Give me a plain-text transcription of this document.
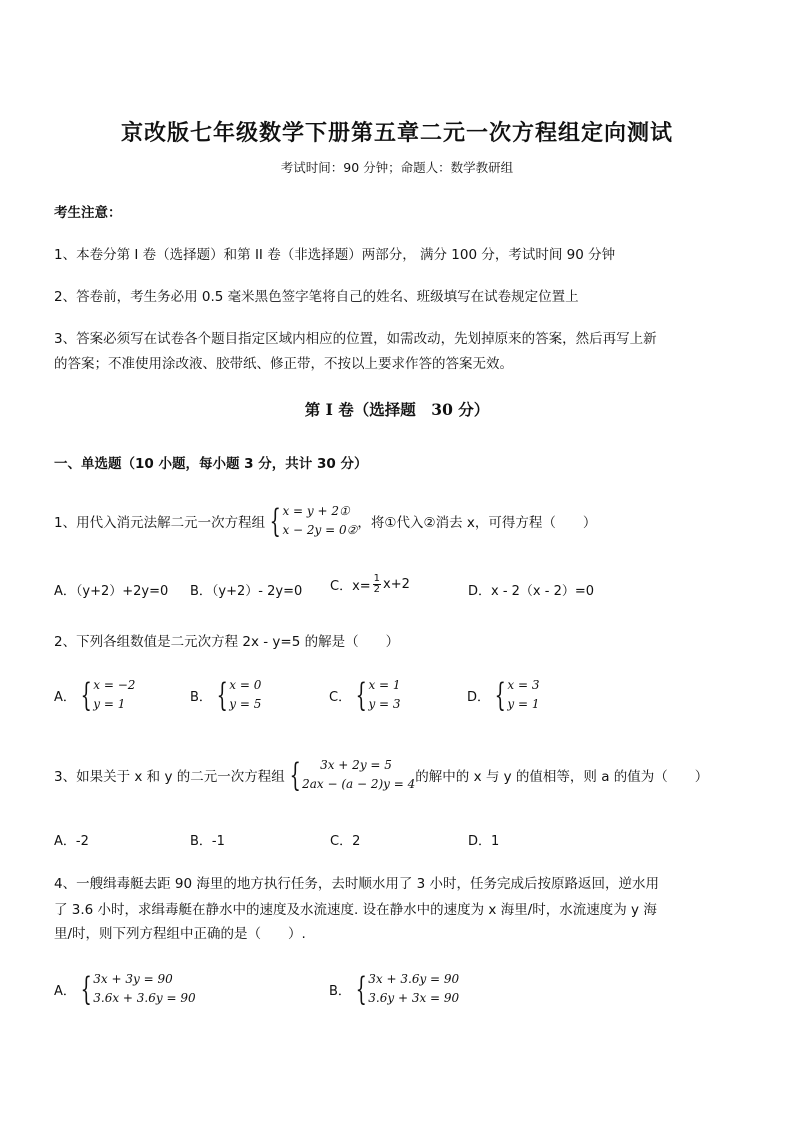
京改版七年级数学下册第五章二元一次方程组定向测试
考试时间：90 分钟；命题人：数学教研组
考生注意：
1、本卷分第 I 卷（选择题）和第 II 卷（非选择题）两部分， 满分 100 分，考试时间 90 分钟
2、答卷前，考生务必用 0.5 毫米黑色签字笔将自己的姓名、班级填写在试卷规定位置上
3、答案必须写在试卷各个题目指定区域内相应的位置，如需改动，先划掉原来的答案，然后再写上新
的答案；不准使用涂改液、胶带纸、修正带，不按以上要求作答的答案无效。
第 I 卷（选择题　30 分）
一、单选题（10 小题，每小题 3 分，共计 30 分）
1、用代入消元法解二元一次方程组 { x = y + 2①
x − 2y = 0② ，将①代入②消去 x，可得方程（　　）
A．（y+2）+2y=0 B．（y+2）- 2y=0 C．$x= \frac{1}{2} x+2$	D．x - 2（x - 2）=0
2、下列各组数值是二元次方程 2x - y=5 的解是（　　）
A． { x = −2
y = 1	B． { x = 0
y = 5	C． { x = 1
y = 3	D． { x = 3
y = 1
3、如果关于 x 和 y 的二元一次方程组 {	3x + 2y = 5
2ax − (a − 2)y = 4 的解中的 x 与 y 的值相等，则 a 的值为（　　）
A．-2	B．-1	C．2	D．1
4、一艘缉毒艇去距 90 海里的地方执行任务，去时顺水用了 3 小时，任务完成后按原路返回，逆水用
了 3.6 小时，求缉毒艇在静水中的速度及水流速度. 设在静水中的速度为 x 海里/时，水流速度为 y 海
里/时，则下列方程组中正确的是（　　）.
A． { 3x + 3y = 90
3.6x + 3.6y = 90	B． { 3x + 3.6y = 90
3.6y + 3x = 90
